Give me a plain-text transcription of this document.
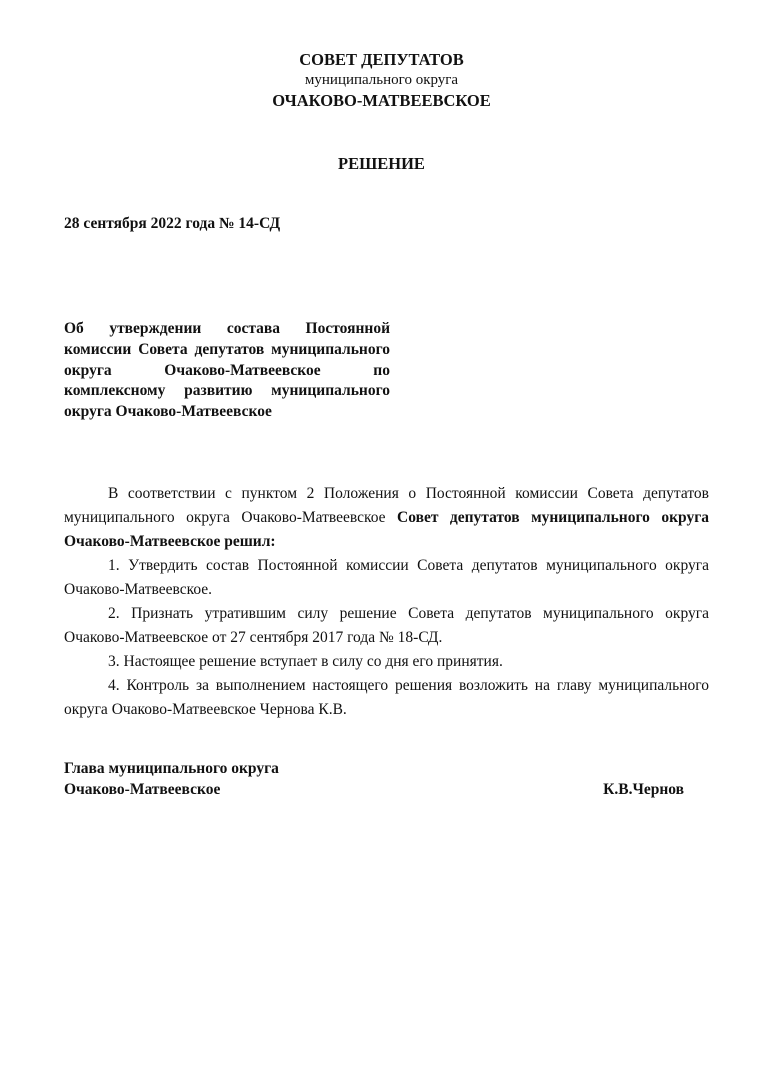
СОВЕТ ДЕПУТАТОВ

муниципального округа

ОЧАКОВО-МАТВЕЕВСКОЕ

РЕШЕНИЕ
28 сентября 2022 года № 14-СД
Об утверждении состава Постоянной комиссии Совета депутатов муниципального округа Очаково-Матвеевское по комплексному развитию муниципального округа Очаково-Матвеевское

В соответствии с пунктом 2 Положения о Постоянной комиссии Совета депутатов муниципального округа Очаково-Матвеевское Совет депутатов муниципального округа Очаково-Матвеевское решил:

1. Утвердить состав Постоянной комиссии Совета депутатов муниципального округа Очаково-Матвеевское.

2. Признать утратившим силу решение Совета депутатов муниципального округа Очаково-Матвеевское от 27 сентября 2017 года № 18-СД.

3. Настоящее решение вступает в силу со дня его принятия.

4. Контроль за выполнением настоящего решения возложить на главу муниципального округа Очаково-Матвеевское Чернова К.В.

Глава муниципального округа
Очаково-Матвеевское	К.В.Чернов
